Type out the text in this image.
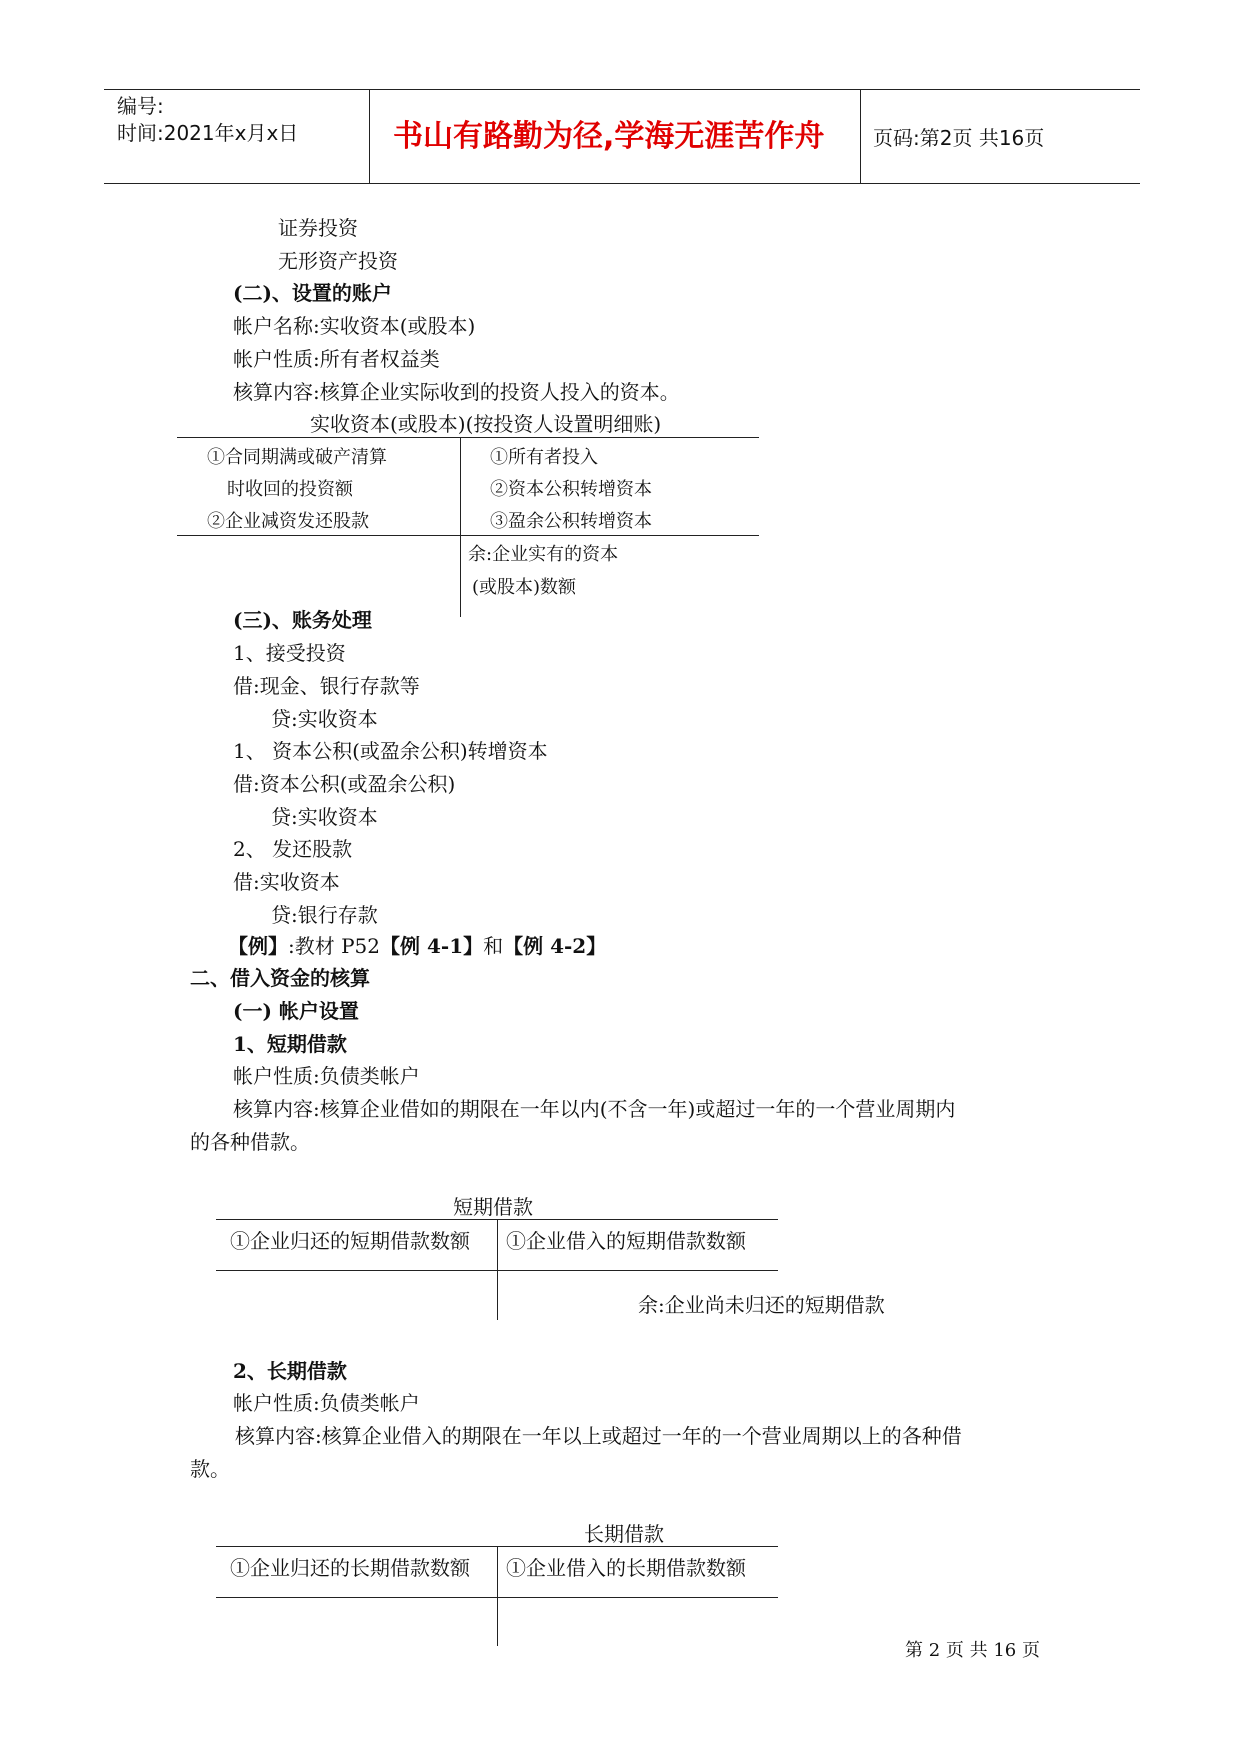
编号:
时间:2021年x月x日	书山有路勤为径,学海无涯苦作舟 页码:第2页 共16页
证券投资
无形资产投资
(二)、设置的账户
帐户名称:实收资本(或股本)
帐户性质:所有者权益类
核算内容:核算企业实际收到的投资人投入的资本。
实收资本(或股本)(按投资人设置明细账)
①合同期满或破产清算
时收回的投资额
②企业减资发还股款
①所有者投入
②资本公积转增资本
③盈余公积转增资本
余:企业实有的资本
(或股本)数额
(三)、账务处理
1、接受投资
借:现金、银行存款等
贷:实收资本
1、 资本公积(或盈余公积)转增资本
借:资本公积(或盈余公积)
贷:实收资本
2、 发还股款
借:实收资本
贷:银行存款
【例】:教材 P52【例 4-1】和【例 4-2】
二、借入资金的核算
(一) 帐户设置
1、短期借款
帐户性质:负债类帐户
核算内容:核算企业借如的期限在一年以内(不含一年)或超过一年的一个营业周期内
的各种借款。
短期借款
①企业归还的短期借款数额 ①企业借入的短期借款数额
余:企业尚未归还的短期借款
2、长期借款
帐户性质:负债类帐户
核算内容:核算企业借入的期限在一年以上或超过一年的一个营业周期以上的各种借
款。
长期借款
①企业归还的长期借款数额 ①企业借入的长期借款数额
第 2 页 共 16 页
